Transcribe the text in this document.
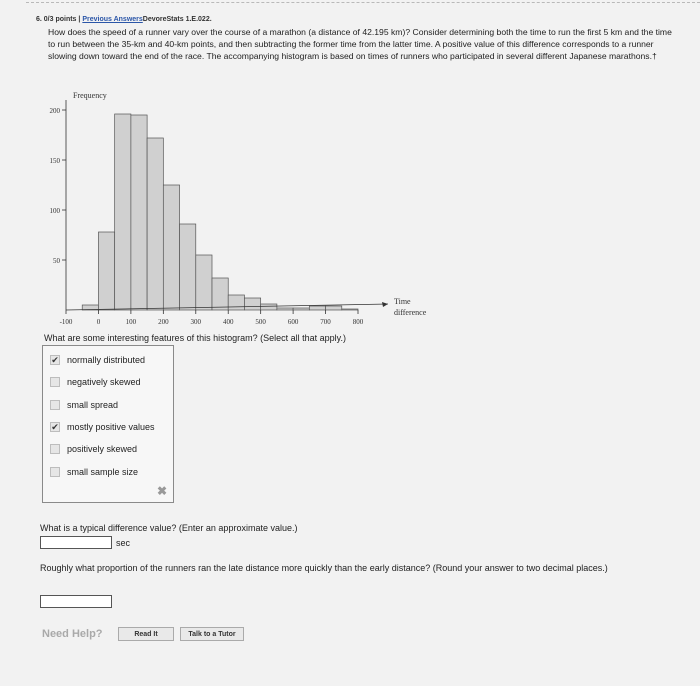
6. 0/3 points | Previous AnswersDevoreStats 1.E.022.
How does the speed of a runner vary over the course of a marathon (a distance of 42.195 km)? Consider determining both the time to run the first 5 km and the time to run between the 35-km and 40-km points, and then subtracting the former time from the latter time. A positive value of this difference corresponds to a runner slowing down toward the end of the race. The accompanying histogram is based on times of runners who participated in several different Japanese marathons.†
Frequency
Time
difference
50
100
150
200
-100	0	100	200	300	400	500	600	700	800
What are some interesting features of this histogram? (Select all that apply.)
✔ normally distributed
negatively skewed
small spread
✔ mostly positive values
positively skewed
small sample size
✖
What is a typical difference value? (Enter an approximate value.)
sec
Roughly what proportion of the runners ran the late distance more quickly than the early distance? (Round your answer to two decimal places.)
Need Help?	Read It	Talk to a Tutor
